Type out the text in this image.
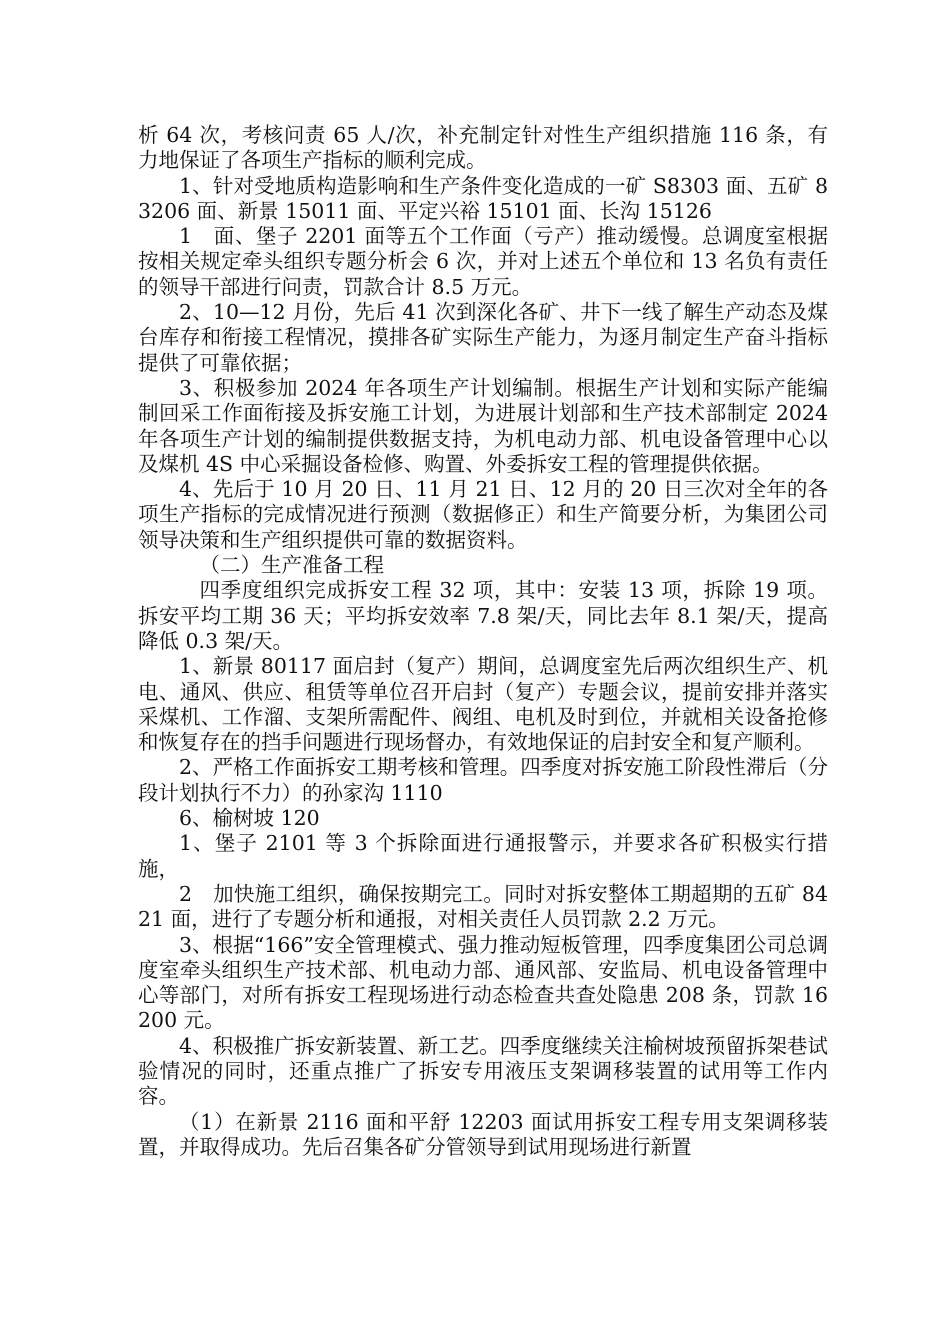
析 64 次，考核问责 65 人/次，补充制定针对性生产组织措施 116 条，有力地保证了各项生产指标的顺利完成。

1、针对受地质构造影响和生产条件变化造成的一矿 S8303 面、五矿 83206 面、新景 15011 面、平定兴裕 15101 面、长沟 15126

1　面、堡子 2201 面等五个工作面（亏产）推动缓慢。总调度室根据按相关规定牵头组织专题分析会 6 次，并对上述五个单位和 13 名负有责任的领导干部进行问责，罚款合计 8.5 万元。

2、10—12 月份，先后 41 次到深化各矿、井下一线了解生产动态及煤台库存和衔接工程情况，摸排各矿实际生产能力，为逐月制定生产奋斗指标提供了可靠依据；

3、积极参加 2024 年各项生产计划编制。根据生产计划和实际产能编制回采工作面衔接及拆安施工计划，为进展计划部和生产技术部制定 2024 年各项生产计划的编制提供数据支持，为机电动力部、机电设备管理中心以及煤机 4S 中心采掘设备检修、购置、外委拆安工程的管理提供依据。

4、先后于 10 月 20 日、11 月 21 日、12 月的 20 日三次对全年的各项生产指标的完成情况进行预测（数据修正）和生产简要分析，为集团公司领导决策和生产组织提供可靠的数据资料。

（二）生产准备工程

四季度组织完成拆安工程 32 项，其中：安装 13 项，拆除 19 项。拆安平均工期 36 天；平均拆安效率 7.8 架/天，同比去年 8.1 架/天，提高降低 0.3 架/天。

1、新景 80117 面启封（复产）期间，总调度室先后两次组织生产、机电、通风、供应、租赁等单位召开启封（复产）专题会议，提前安排并落实采煤机、工作溜、支架所需配件、阀组、电机及时到位，并就相关设备抢修和恢复存在的挡手问题进行现场督办，有效地保证的启封安全和复产顺利。

2、严格工作面拆安工期考核和管理。四季度对拆安施工阶段性滞后（分段计划执行不力）的孙家沟 1110

6、榆树坡 120

1、堡子 2101 等 3 个拆除面进行通报警示，并要求各矿积极实行措施，

2　加快施工组织，确保按期完工。同时对拆安整体工期超期的五矿 8421 面，进行了专题分析和通报，对相关责任人员罚款 2.2 万元。

3、根据“166”安全管理模式、强力推动短板管理，四季度集团公司总调度室牵头组织生产技术部、机电动力部、通风部、安监局、机电设备管理中心等部门，对所有拆安工程现场进行动态检查共查处隐患 208 条，罚款 16200 元。

4、积极推广拆安新装置、新工艺。四季度继续关注榆树坡预留拆架巷试验情况的同时，还重点推广了拆安专用液压支架调移装置的试用等工作内容。

（1）在新景 2116 面和平舒 12203 面试用拆安工程专用支架调移装置，并取得成功。先后召集各矿分管领导到试用现场进行新置
